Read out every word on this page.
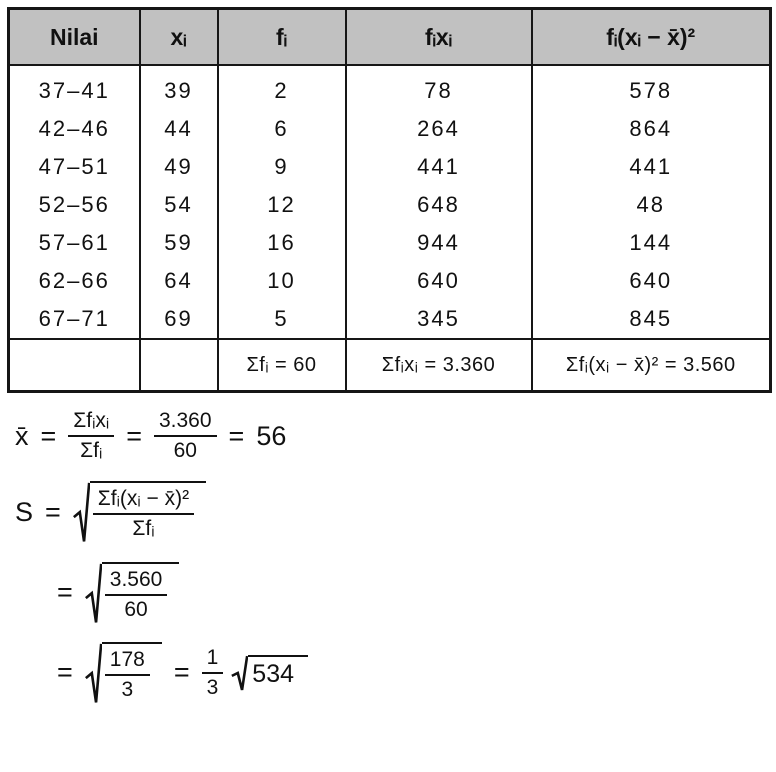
Nilai	xᵢ	fᵢ	fᵢxᵢ	fᵢ(xᵢ − x̄)²
37–41	39	2	78	578
42–46	44	6	264	864
47–51	49	9	441	441
52–56	54	12	648	48
57–61	59	16	944	144
62–66	64	10	640	640
67–71	69	5	345	845
		Σfᵢ = 60	Σfᵢxᵢ = 3.360	Σfᵢ(xᵢ − x̄)² = 3.560
x̄ = $\frac{\text{Σfᵢxᵢ}}{\text{Σfᵢ}} = \frac{3.360}{60} = 56$
$S = \frac{\text{Σfᵢ(xᵢ − x̄)²}}{\text{Σfᵢ}}$
= $\frac{3.560}{60}$
= $\frac{178}{3} = \frac{1}{3} 534$
